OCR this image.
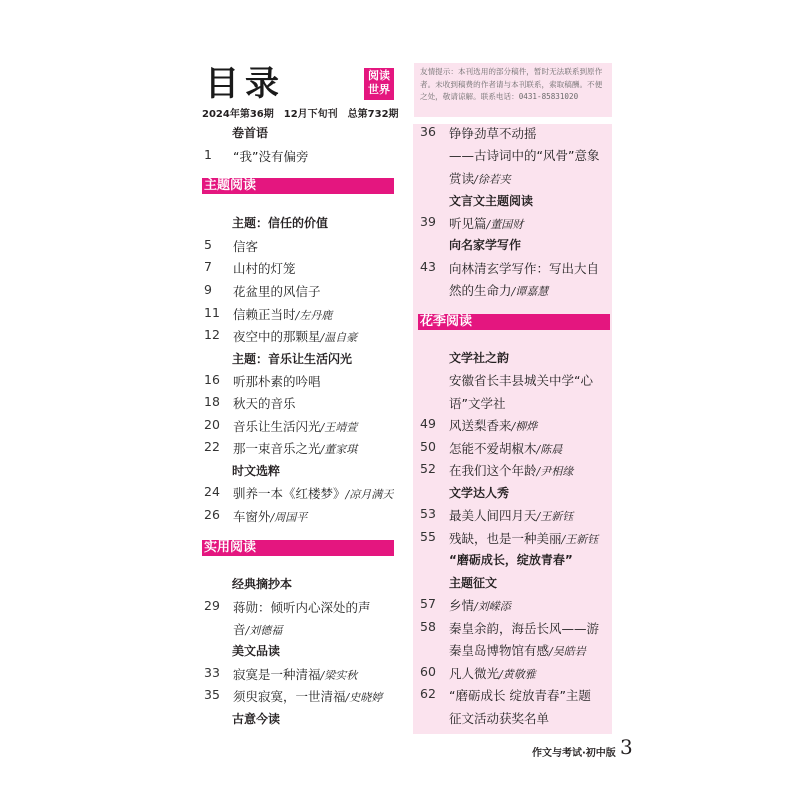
目录	阅读世界
2024年第36期　12月下旬刊　总第732期
友情提示：本刊选用的部分稿件，暂时无法联系到原作者。未收到稿费的作者请与本刊联系，索取稿酬。不便之处，敬请谅解。联系电话：0431-85831020
卷首语
1 “我”没有偏旁
主题阅读
主题：信任的价值
5 信客
7 山村的灯笼
9 花盆里的风信子
11 信赖正当时/左丹鹿
12 夜空中的那颗星/温自豪
主题：音乐让生活闪光
16 听那朴素的吟唱
18 秋天的音乐
20 音乐让生活闪光/王靖萱
22 那一束音乐之光/董家琪
时文选粹
24 驯养一本《红楼梦》/凉月满天
26 车窗外/周国平
实用阅读
经典摘抄本
29 蒋勋：倾听内心深处的声
音/刘德福
美文品读
33 寂寞是一种清福/梁实秋
35 须臾寂寞，一世清福/史晓婷
古意今读
36 铮铮劲草不动摇
——古诗词中的“风骨”意象
赏读/徐若夹
文言文主题阅读
39 听见篇/董国财
向名家学写作
43 向林清玄学写作：写出大自
然的生命力/谭嘉慧
花季阅读
文学社之韵
安徽省长丰县城关中学“心
语”文学社
49 风送梨香来/柳烨
50 怎能不爱胡椒木/陈晨
52 在我们这个年龄/尹相缘
文学达人秀
53 最美人间四月天/王新钰
55 残缺，也是一种美丽/王新钰
“磨砺成长，绽放青春”
主题征文
57 乡情/刘嵘添
58 秦皇余韵，海岳长风——游
秦皇岛博物馆有感/吴皓岩
60 凡人微光/黄敬雅
62 “磨砺成长 绽放青春”主题
征文活动获奖名单
作文与考试·初中版 3
